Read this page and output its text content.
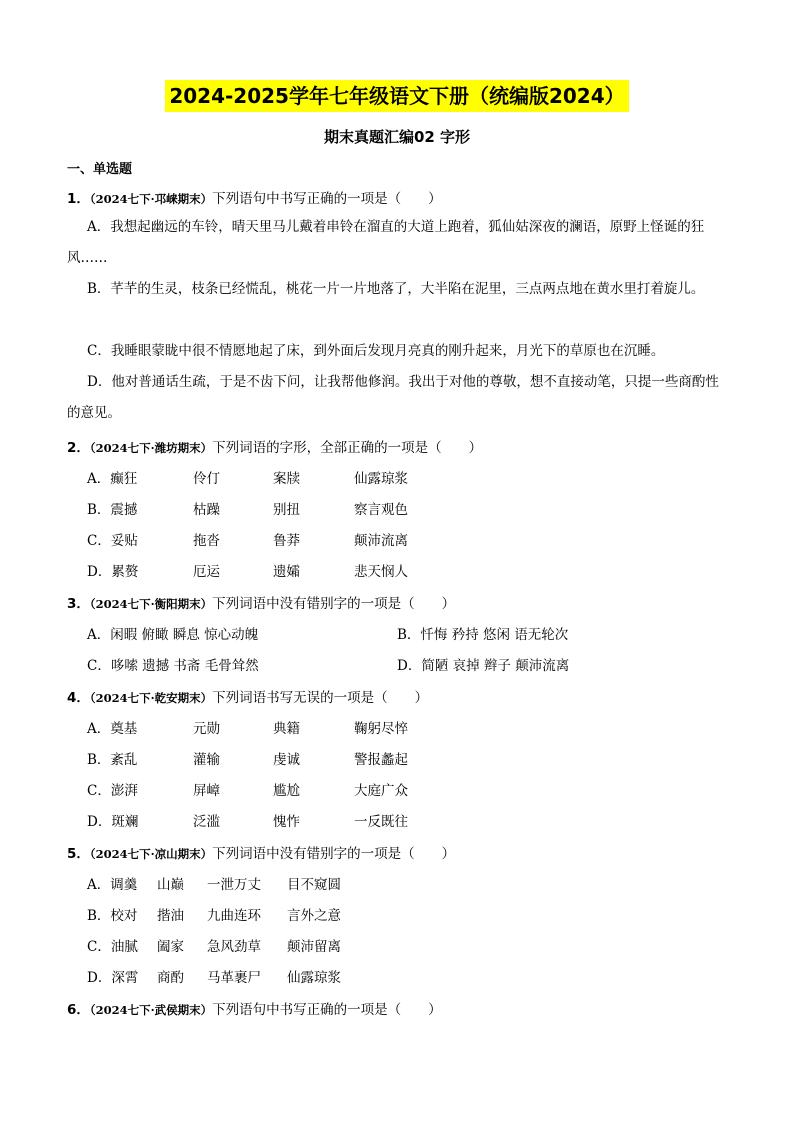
2024-2025学年七年级语文下册（统编版2024）
期末真题汇编02 字形
一、单选题
1．（2024七下·邛崃期末）下列语句中书写正确的一项是（　　）
A．我想起幽远的车铃，晴天里马儿戴着串铃在溜直的大道上跑着，狐仙姑深夜的澜语，原野上怪诞的狂风……
B．芊芊的生灵，枝条已经慌乱，桃花一片一片地落了，大半陷在泥里，三点两点地在黄水里打着旋儿。
C．我睡眼蒙眬中很不情愿地起了床，到外面后发现月亮真的刚升起来，月光下的草原也在沉睡。
D．他对普通话生疏，于是不齿下问，让我帮他修润。我出于对他的尊敬，想不直接动笔，只提一些商酌性的意见。
2．（2024七下·潍坊期末）下列词语的字形，全部正确的一项是（　　）
A．癫狂	伶仃	案牍	仙露琼浆
B．震撼	枯躁	别扭	察言观色
C．妥贴	拖沓	鲁莽	颠沛流离
D．累赘	厄运	遗孀	悲天悯人
3．（2024七下·衡阳期末）下列词语中没有错别字的一项是（　　）
A．闲暇 俯瞰 瞬息 惊心动魄	B．忏悔 矜持 悠闲 语无轮次
C．哆嗦 遗撼 书斋 毛骨耸然	D．简陋 哀掉 辫子 颠沛流离
4．（2024七下·乾安期末）下列词语书写无误的一项是（　　）
A．奠基	元勋	典籍	鞠躬尽悴
B．紊乱	灌输	虔诚	警报蠡起
C．澎湃	屏嶂	尴尬	大庭广众
D．斑斓	泛滥	愧怍	一反既往
5．（2024七下·凉山期末）下列词语中没有错别字的一项是（　　）
A．调羹 山巅 一泄万丈 目不窥圆
B．校对 揩油 九曲连环 言外之意
C．油腻 阖家 急风劲草 颠沛留离
D．深霄 商酌 马革裹尸 仙露琼浆
6．（2024七下·武侯期末）下列语句中书写正确的一项是（　　）
